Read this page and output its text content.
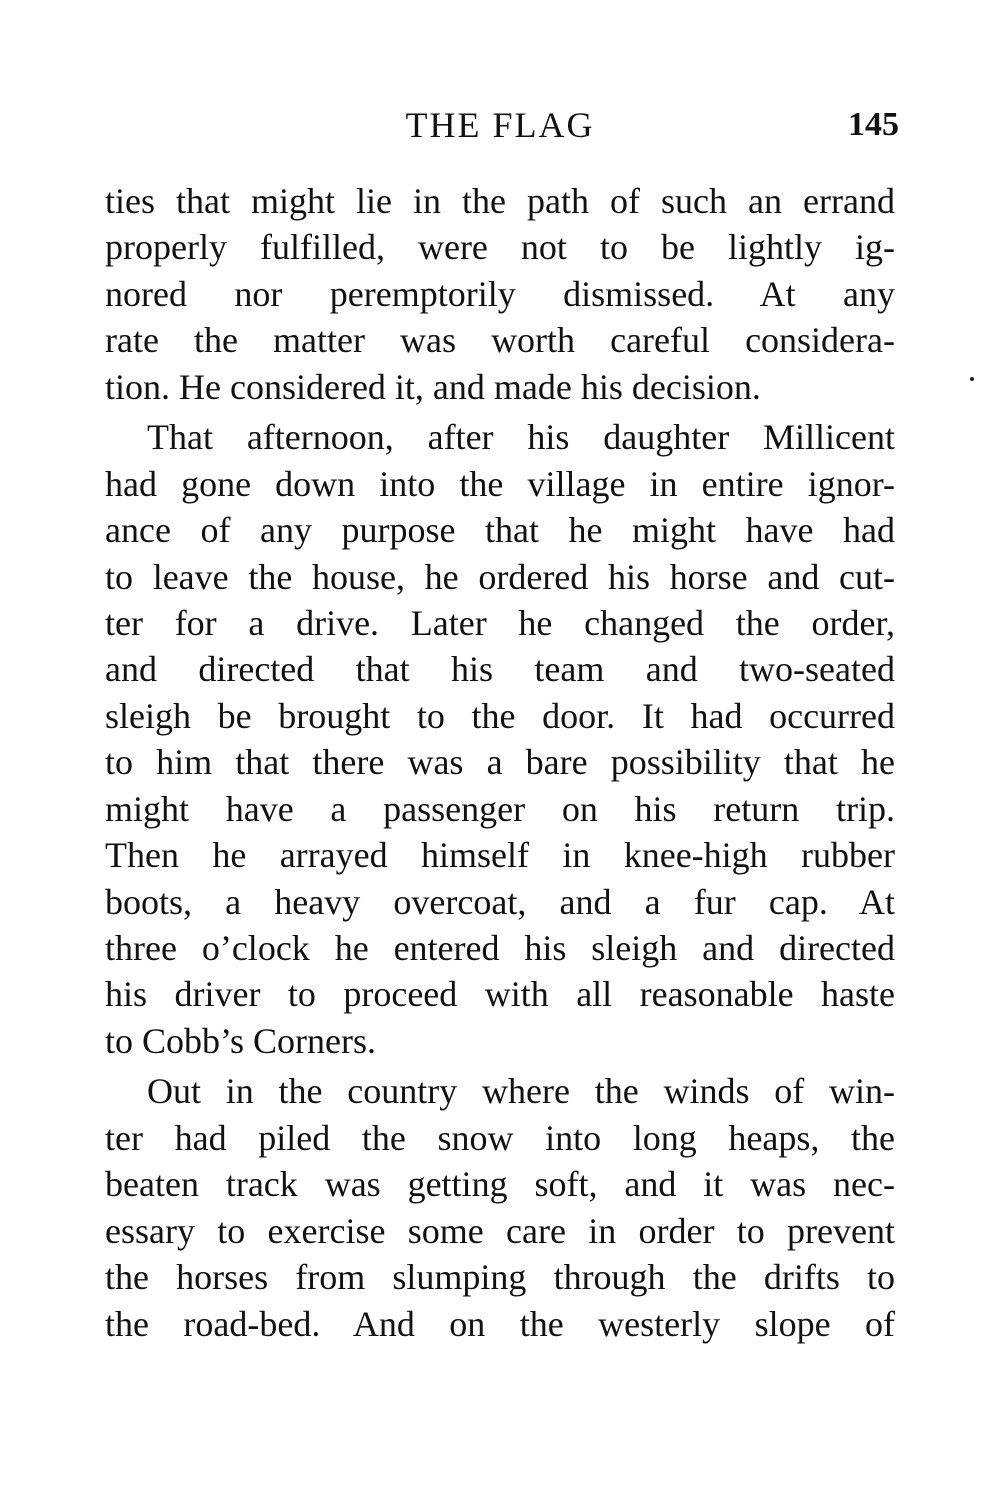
THE FLAG	145
ties that might lie in the path of such an errand
properly fulfilled, were not to be lightly ig-
nored nor peremptorily dismissed. At any
rate the matter was worth careful considera-
tion. He considered it, and made his decision.
That afternoon, after his daughter Millicent
had gone down into the village in entire ignor-
ance of any purpose that he might have had
to leave the house, he ordered his horse and cut-
ter for a drive. Later he changed the order,
and directed that his team and two-seated
sleigh be brought to the door. It had occurred
to him that there was a bare possibility that he
might have a passenger on his return trip.
Then he arrayed himself in knee-high rubber
boots, a heavy overcoat, and a fur cap. At
three o’clock he entered his sleigh and directed
his driver to proceed with all reasonable haste
to Cobb’s Corners.
Out in the country where the winds of win-
ter had piled the snow into long heaps, the
beaten track was getting soft, and it was nec-
essary to exercise some care in order to prevent
the horses from slumping through the drifts to
the road-bed. And on the westerly slope of
